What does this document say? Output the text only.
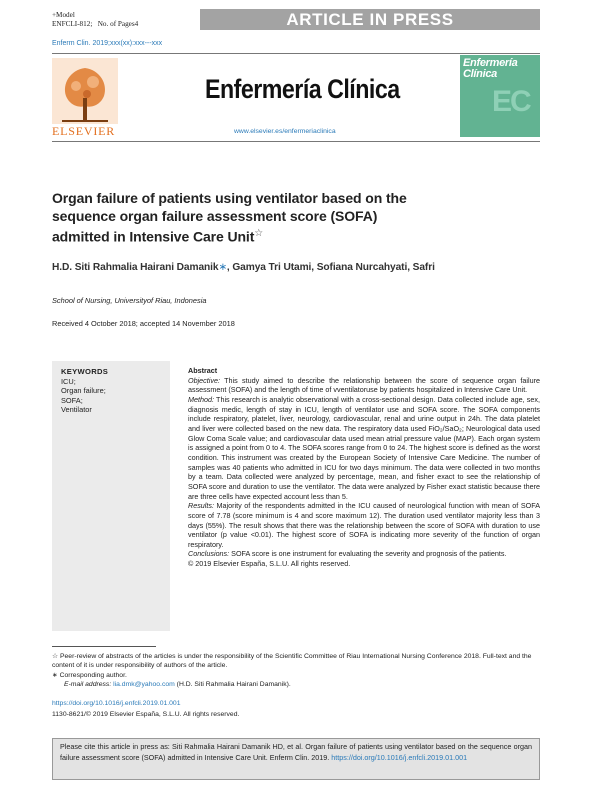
+Model
ENFCLI-812; No. of Pages4	ARTICLE IN PRESS
Enferm Clin. 2019;xxx(xx):xxx---xxx
ELSEVIER
Enfermería Clínica
www.elsevier.es/enfermeriaclinica
Enfermería
Clínica
EC
Organ failure of patients using ventilator based on the
sequence organ failure assessment score (SOFA)
admitted in Intensive Care Unit☆
H.D. Siti Rahmalia Hairani Damanik∗, Gamya Tri Utami, Sofiana Nurcahyati, Safri
School of Nursing, Universityof Riau, Indonesia
Received 4 October 2018; accepted 14 November 2018
KEYWORDS
ICU;
Organ failure;
SOFA;
Ventilator

Abstract

Objective: This study aimed to describe the relationship between the score of sequence organ failure assessment (SOFA) and the length of time of vventilatoruse by patients hospitalized in Intensive Care Unit.

Method: This research is analytic observational with a cross-sectional design. Data collected include age, sex, diagnosis medic, length of stay in ICU, length of ventilator use and SOFA score. The SOFA components include respiratory, platelet, liver, neurology, cardiovascular, renal and urine output in 24h. The data platelet and liver were collected based on the new data. The respiratory data used FiO₂/SaO₂; Neurological data used Glow Coma Scale value; and cardiovascular data used mean atrial pressure value (MAP). Each organ system is assigned a point from 0 to 4. The SOFA scores range from 0 to 24. The highest score is defined as the worst condition. This instrument was created by the European Society of Intensive Care Medicine. The number of samples was 40 patients who admitted in ICU for two days minimum. The data were collected in two months by a team. Data collected were analyzed by percentage, mean, and fisher exact to see the relationship of SOFA score and duration to use the ventilator. The data were analyzed by Fisher exact statistic because there are three cells have expected account less than 5.

Results: Majority of the respondents admitted in the ICU caused of neurological function with mean of SOFA score of 7.78 (score minimum is 4 and score maximum 12). The duration used ventilator majority less than 3 days (55%). The result shows that there was the relationship between the score of SOFA with duration to use ventilator (p value <0.01). The highest score of SOFA is indicating more severity of the function of organ respiratory.

Conclusions: SOFA score is one instrument for evaluating the severity and prognosis of the patients.

© 2019 Elsevier España, S.L.U. All rights reserved.

☆ Peer-review of abstracts of the articles is under the responsibility of the Scientific Committee of Riau International Nursing Conference 2018. Full-text and the content of it is under responsibility of authors of the article.
∗ Corresponding author.
E-mail address: lia.dmk@yahoo.com (H.D. Siti Rahmalia Hairani Damanik).
https://doi.org/10.1016/j.enfcli.2019.01.001
1130-8621/© 2019 Elsevier España, S.L.U. All rights reserved.
Please cite this article in press as: Siti Rahmalia Hairani Damanik HD, et al. Organ failure of patients using ventilator based on the sequence organ failure assessment score (SOFA) admitted in Intensive Care Unit. Enferm Clin. 2019. https://doi.org/10.1016/j.enfcli.2019.01.001
